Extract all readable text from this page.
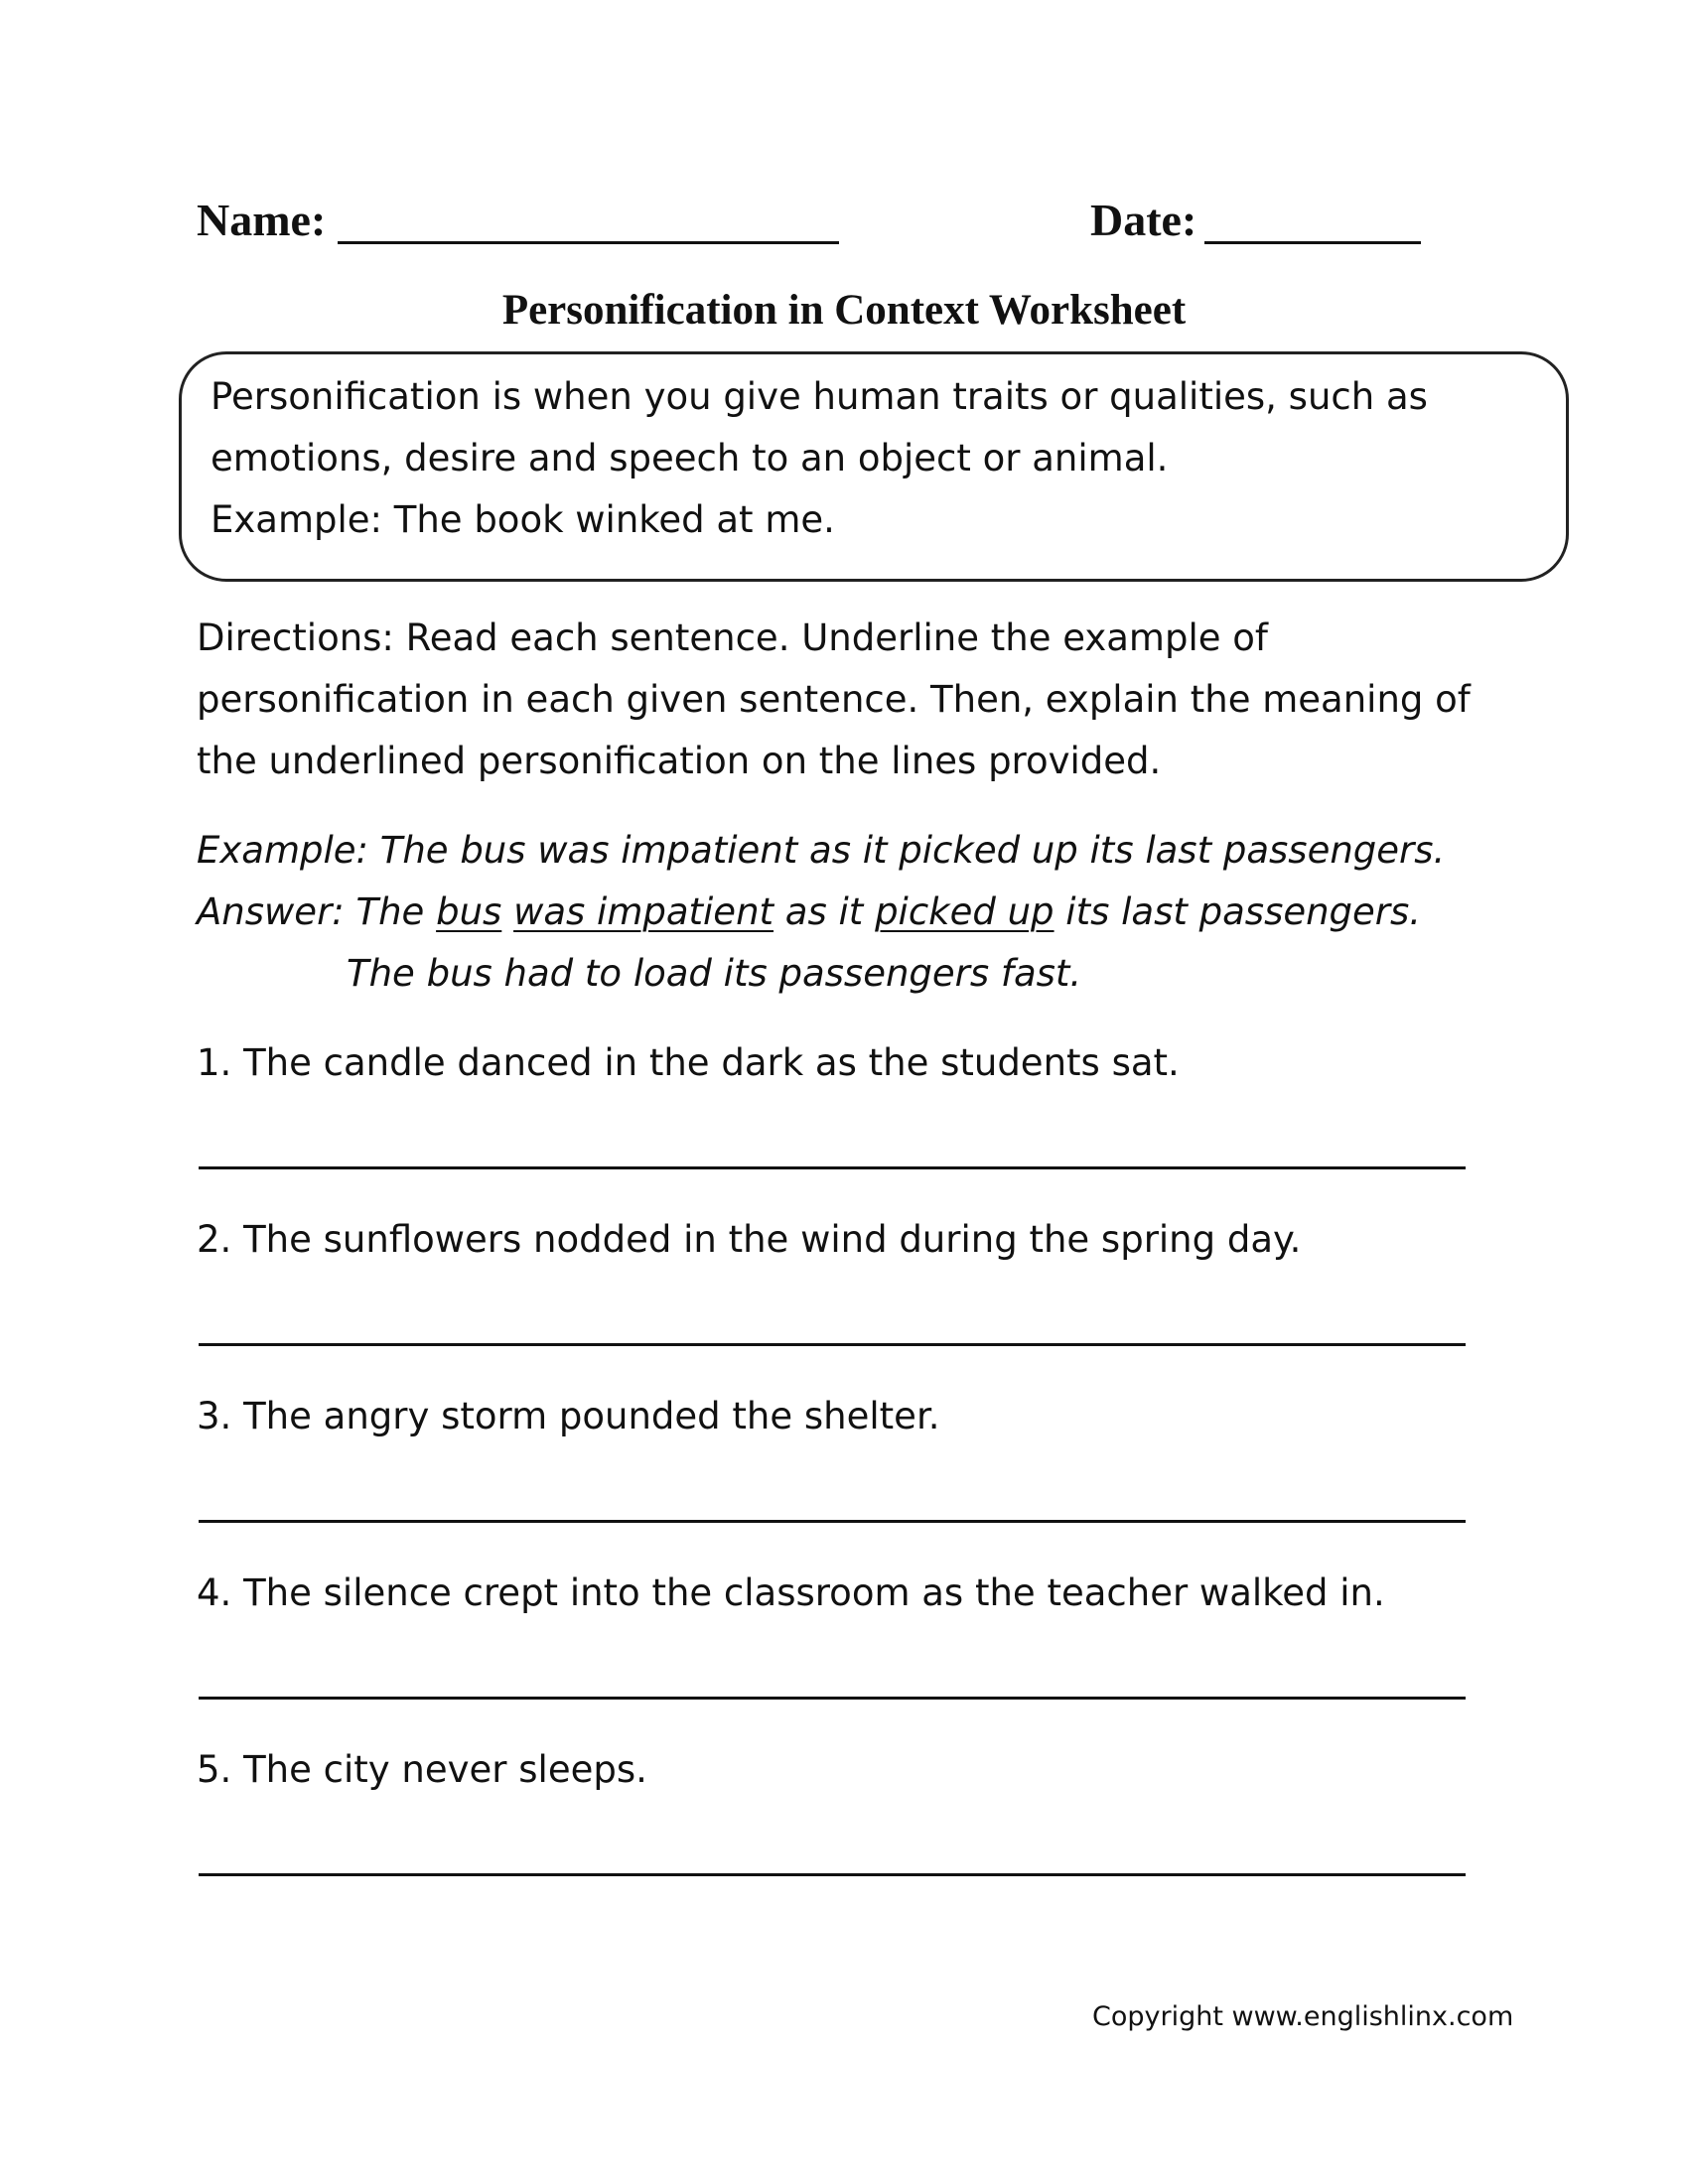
Name:	Date:
Personification in Context Worksheet
Personification is when you give human traits or qualities, such as
emotions, desire and speech to an object or animal.
Example: The book winked at me.
Directions: Read each sentence. Underline the example of
personification in each given sentence. Then, explain the meaning of
the underlined personification on the lines provided.
Example: The bus was impatient as it picked up its last passengers.
Answer: The bus was impatient as it picked up its last passengers.
The bus had to load its passengers fast.
1. The candle danced in the dark as the students sat.
2. The sunflowers nodded in the wind during the spring day.
3. The angry storm pounded the shelter.
4. The silence crept into the classroom as the teacher walked in.
5. The city never sleeps.
Copyright www.englishlinx.com
